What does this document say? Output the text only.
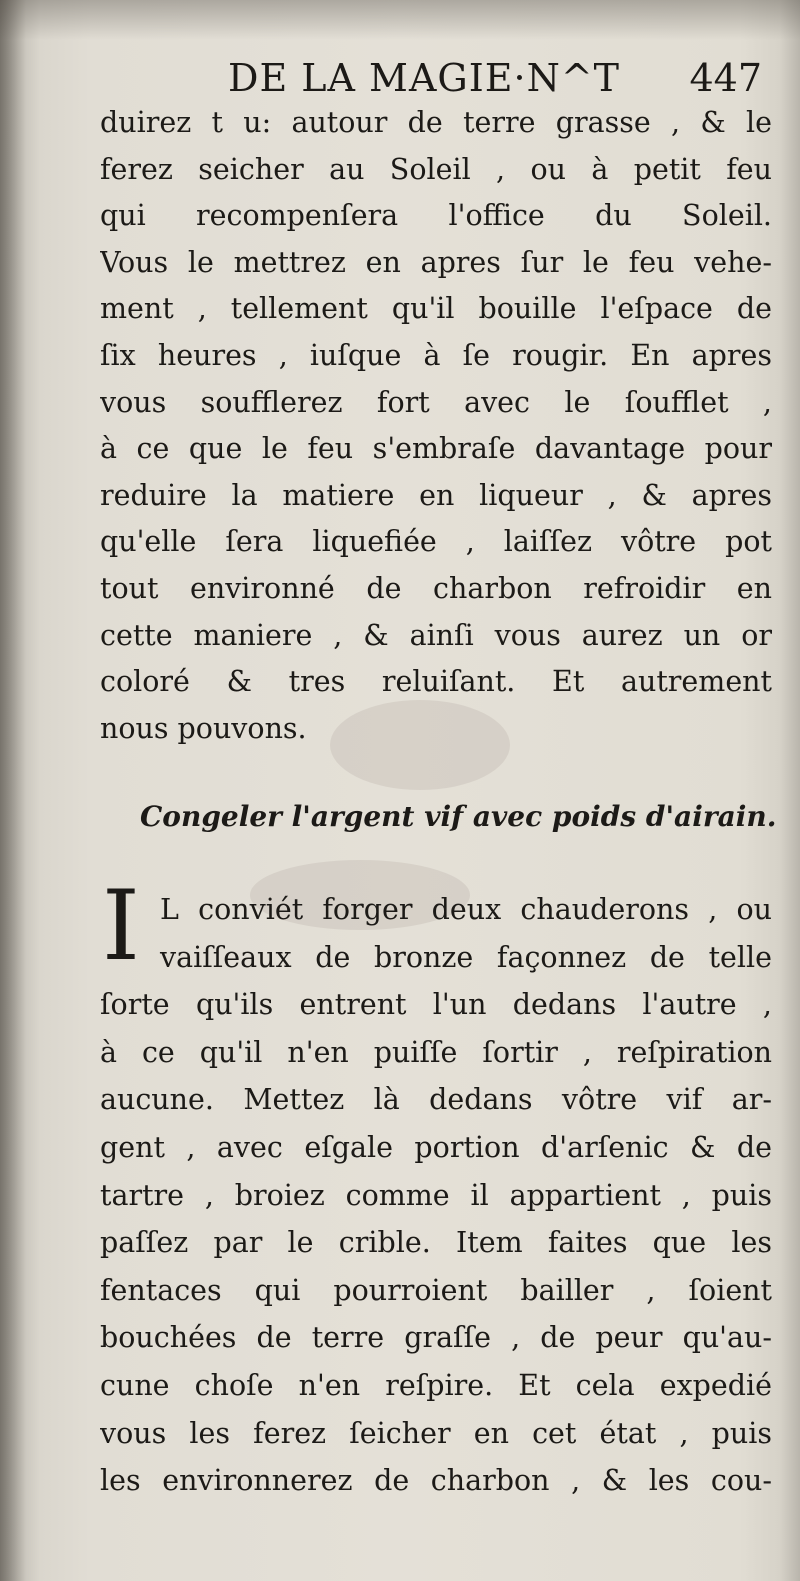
DE LA MAGIE·N^T 447
duirez t u: autour de terre grasse , & le
ferez seicher au Soleil , ou à petit feu
qui recompenſera l'office du Soleil.
Vous le mettrez en apres ſur le feu vehe-
ment , tellement qu'il bouille l'eſpace de
ſix heures , iuſque à ſe rougir. En apres
vous soufflerez fort avec le ſoufflet ,
à ce que le feu s'embraſe davantage pour
reduire la matiere en liqueur , & apres
qu'elle ſera liquefiée , laiſſez vôtre pot
tout environné de charbon refroidir en
cette maniere , & ainſi vous aurez un or
coloré & tres reluiſant. Et autrement
nous pouvons.
Congeler l'argent vif avec poids d'airain.
I L conviét forger deux chauderons , ou
vaiſſeaux de bronze façonnez de telle
ſorte qu'ils entrent l'un dedans l'autre ,
à ce qu'il n'en puiſſe ſortir , reſpiration
aucune. Mettez là dedans vôtre vif ar-
gent , avec eſgale portion d'arſenic & de
tartre , broiez comme il appartient , puis
paſſez par le crible. Item faites que les
fentaces qui pourroient bailler , ſoient
bouchées de terre graſſe , de peur qu'au-
cune choſe n'en reſpire. Et cela expedié
vous les ferez ſeicher en cet état , puis
les environnerez de charbon , & les cou-
